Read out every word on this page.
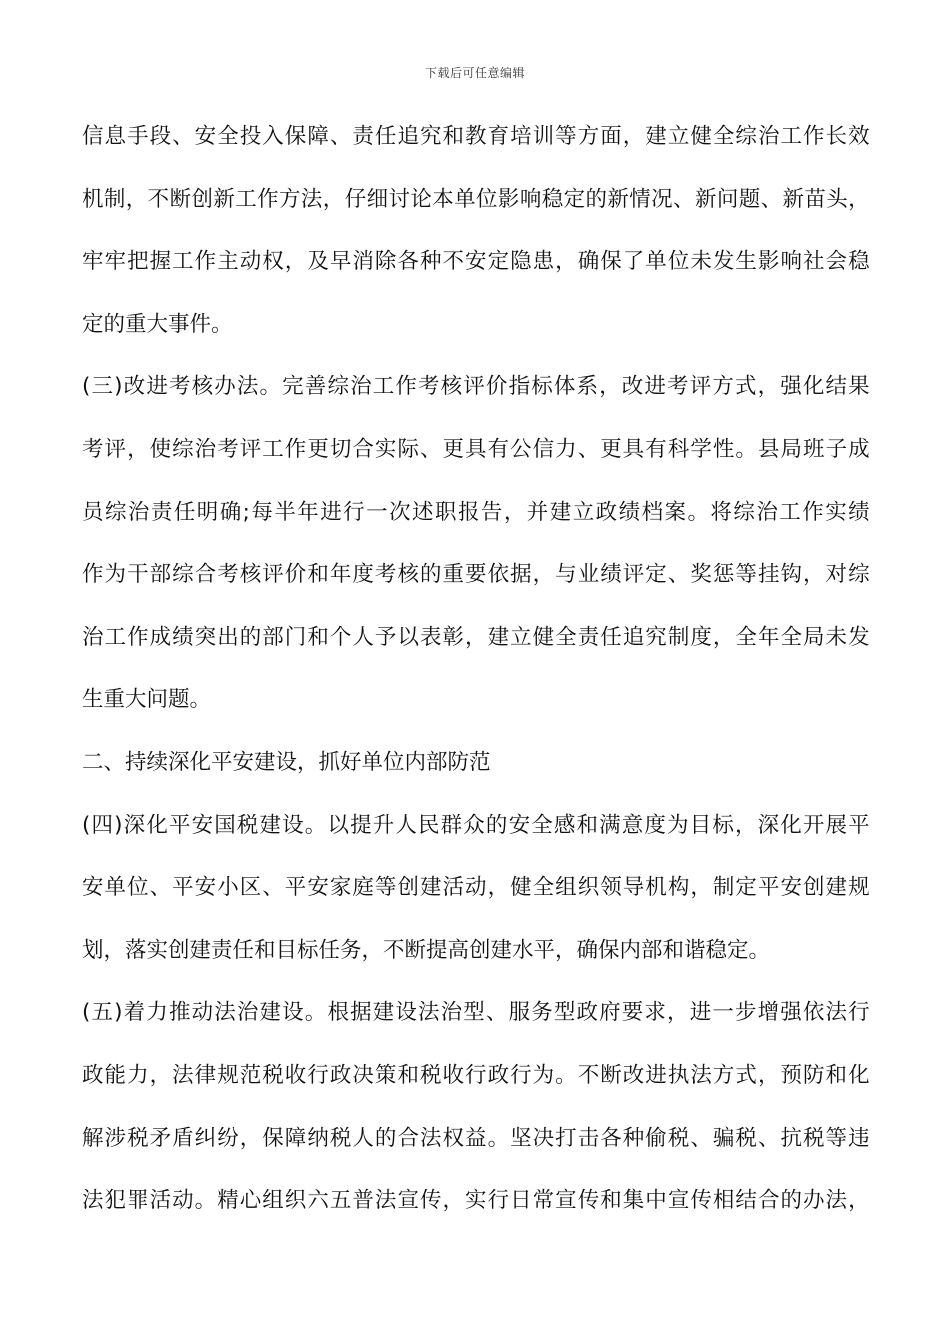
下载后可任意编辑
信 息 手 段 、 安 全 投 入 保 障 、 责 任 追 究 和 教 育 培 训 等 方 面 ， 建 立 健 全 综 治 工 作 长 效
机 制 ， 不 断 创 新 工 作 方 法 ， 仔 细 讨 论 本 单 位 影 响 稳 定 的 新 情 况 、 新 问 题 、 新 苗 头 ，
牢 牢 把 握 工 作 主 动 权 ， 及 早 消 除 各 种 不 安 定 隐 患 ， 确 保 了 单 位 未 发 生 影 响 社 会 稳
定的重大事件。
( 三 ) 改 进 考 核 办 法 。 完 善 综 治 工 作 考 核 评 价 指 标 体 系 ， 改 进 考 评 方 式 ， 强 化 结 果
考 评 ， 使 综 治 考 评 工 作 更 切 合 实 际 、 更 具 有 公 信 力 、 更 具 有 科 学 性 。 县 局 班 子 成
员 综 治 责 任 明 确 ; 每 半 年 进 行 一 次 述 职 报 告 ， 并 建 立 政 绩 档 案 。 将 综 治 工 作 实 绩
作 为 干 部 综 合 考 核 评 价 和 年 度 考 核 的 重 要 依 据 ， 与 业 绩 评 定 、 奖 惩 等 挂 钩 ， 对 综
治 工 作 成 绩 突 出 的 部 门 和 个 人 予 以 表 彰 ， 建 立 健 全 责 任 追 究 制 度 ， 全 年 全 局 未 发
生重大问题。
二、持续深化平安建设，抓好单位内部防范
( 四 ) 深 化 平 安 国 税 建 设 。 以 提 升 人 民 群 众 的 安 全 感 和 满 意 度 为 目 标 ， 深 化 开 展 平
安 单 位 、 平 安 小 区 、 平 安 家 庭 等 创 建 活 动 ， 健 全 组 织 领 导 机 构 ， 制 定 平 安 创 建 规
划，落实创建责任和目标任务，不断提高创建水平，确保内部和谐稳定。
( 五 ) 着 力 推 动 法 治 建 设 。 根 据 建 设 法 治 型 、 服 务 型 政 府 要 求 ， 进 一 步 增 强 依 法 行
政 能 力 ， 法 律 规 范 税 收 行 政 决 策 和 税 收 行 政 行 为 。 不 断 改 进 执 法 方 式 ， 预 防 和 化
解 涉 税 矛 盾 纠 纷 ， 保 障 纳 税 人 的 合 法 权 益 。 坚 决 打 击 各 种 偷 税 、 骗 税 、 抗 税 等 违
法 犯 罪 活 动 。 精 心 组 织 六 五 普 法 宣 传 ， 实 行 日 常 宣 传 和 集 中 宣 传 相 结 合 的 办 法 ，
